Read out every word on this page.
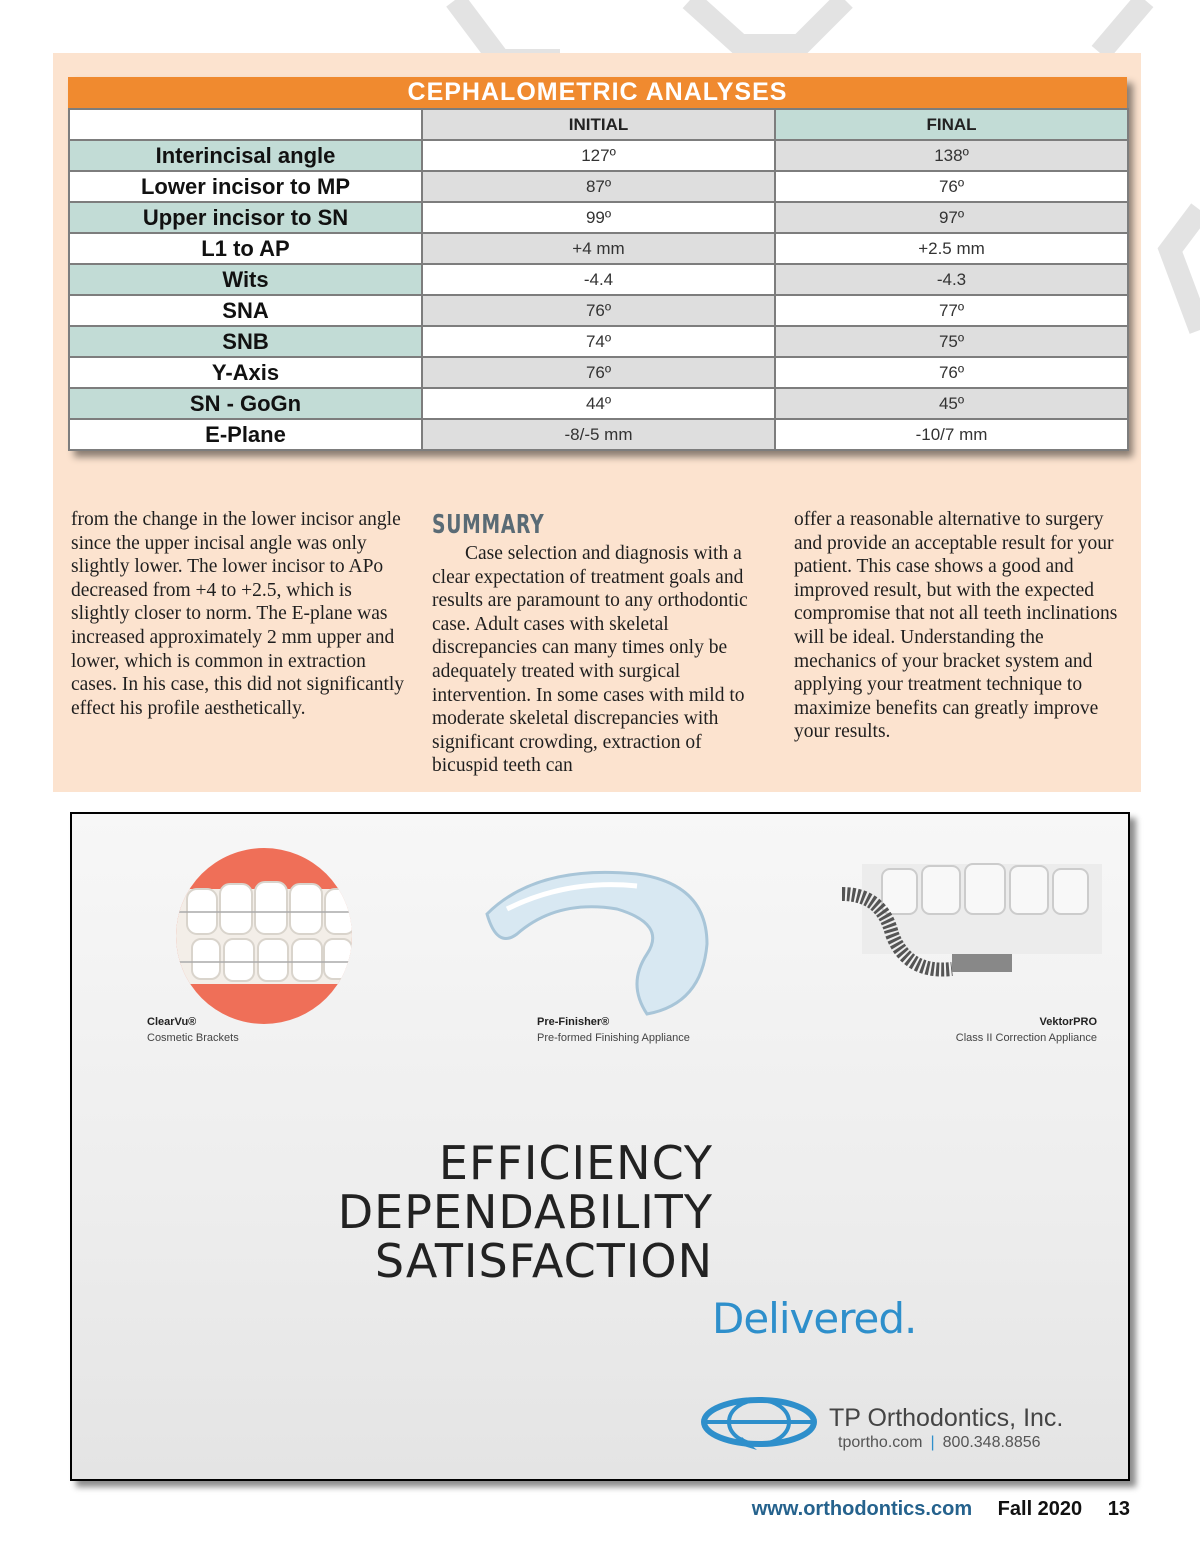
CEPHALOMETRIC ANALYSES
	INITIAL	FINAL
Interincisal angle	127º	138º
Lower incisor to MP	87º	76º
Upper incisor to SN	99º	97º
L1 to AP	+4 mm	+2.5 mm
Wits	-4.4	-4.3
SNA	76º	77º
SNB	74º	75º
Y-Axis	76º	76º
SN - GoGn	44º	45º
E-Plane	-8/-5 mm	-10/7 mm

from the change in the lower incisor angle since the upper incisal angle was only slightly lower. The lower incisor to APo decreased from +4 to +2.5, which is slightly closer to norm. The E-plane was increased approximately 2 mm upper and lower, which is common in extraction cases. In his case, this did not significantly effect his profile aesthetically.

SUMMARY

Case selection and diagnosis with a clear expectation of treatment goals and results are paramount to any orthodontic case. Adult cases with skeletal discrepancies can many times only be adequately treated with surgical intervention. In some cases with mild to moderate skeletal discrepancies with significant crowding, extraction of bicuspid teeth can

offer a reasonable alternative to surgery and provide an acceptable result for your patient. This case shows a good and improved result, but with the expected compromise that not all teeth inclinations will be ideal. Understanding the mechanics of your bracket system and applying your treatment technique to maximize benefits can greatly improve your results.

ClearVu®
Cosmetic Brackets
Pre-Finisher®
Pre-formed Finishing Appliance
VektorPRO
Class II Correction Appliance
EFFICIENCY
DEPENDABILITY
SATISFACTION
Delivered.
TP Orthodontics, Inc.
tportho.com | 800.348.8856
www.orthodontics.com Fall 2020 13
